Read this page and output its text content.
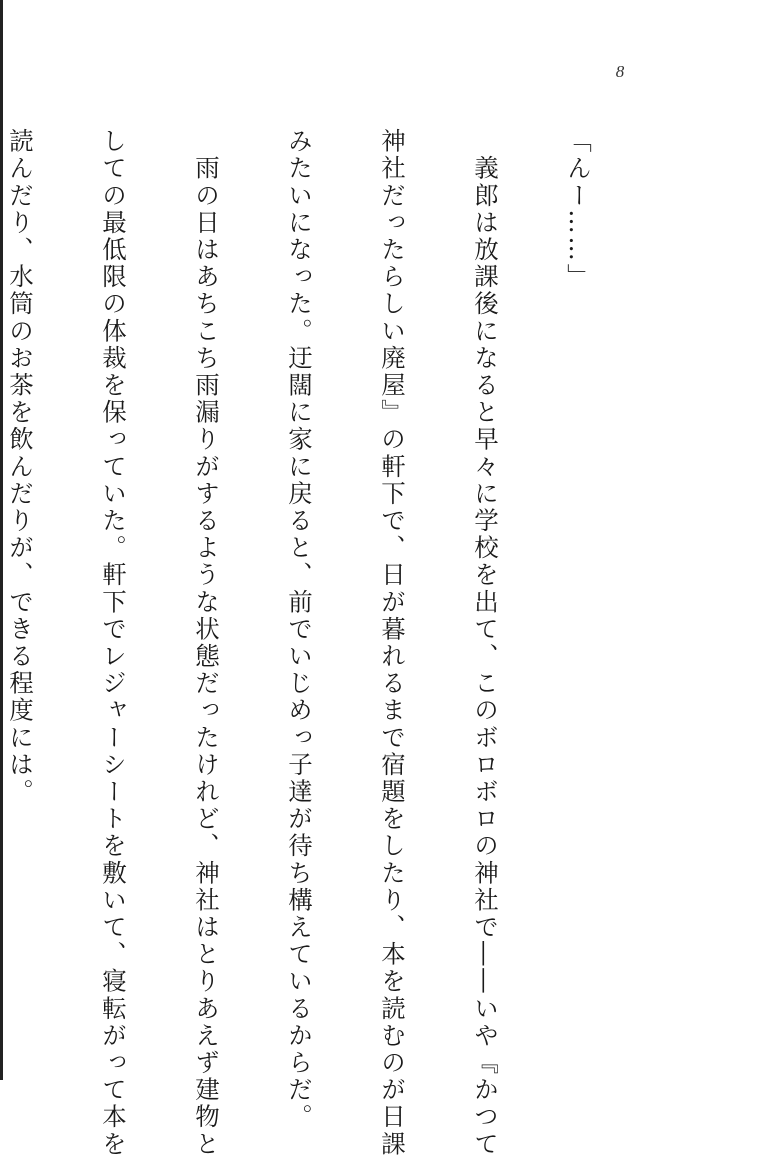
8

「んー……」

　義郎は放課後になると早々に学校を出て、このボロボロの神社で――いや『かつて

神社だったらしい廃屋』の軒下で、日が暮れるまで宿題をしたり、本を読むのが日課

みたいになった。迂闊に家に戻ると、前でいじめっ子達が待ち構えているからだ。

　雨の日はあちこち雨漏りがするような状態だったけれど、神社はとりあえず建物と

しての最低限の体裁を保っていた。軒下でレジャーシートを敷いて、寝転がって本を

読んだり、水筒のお茶を飲んだりが、できる程度には。
